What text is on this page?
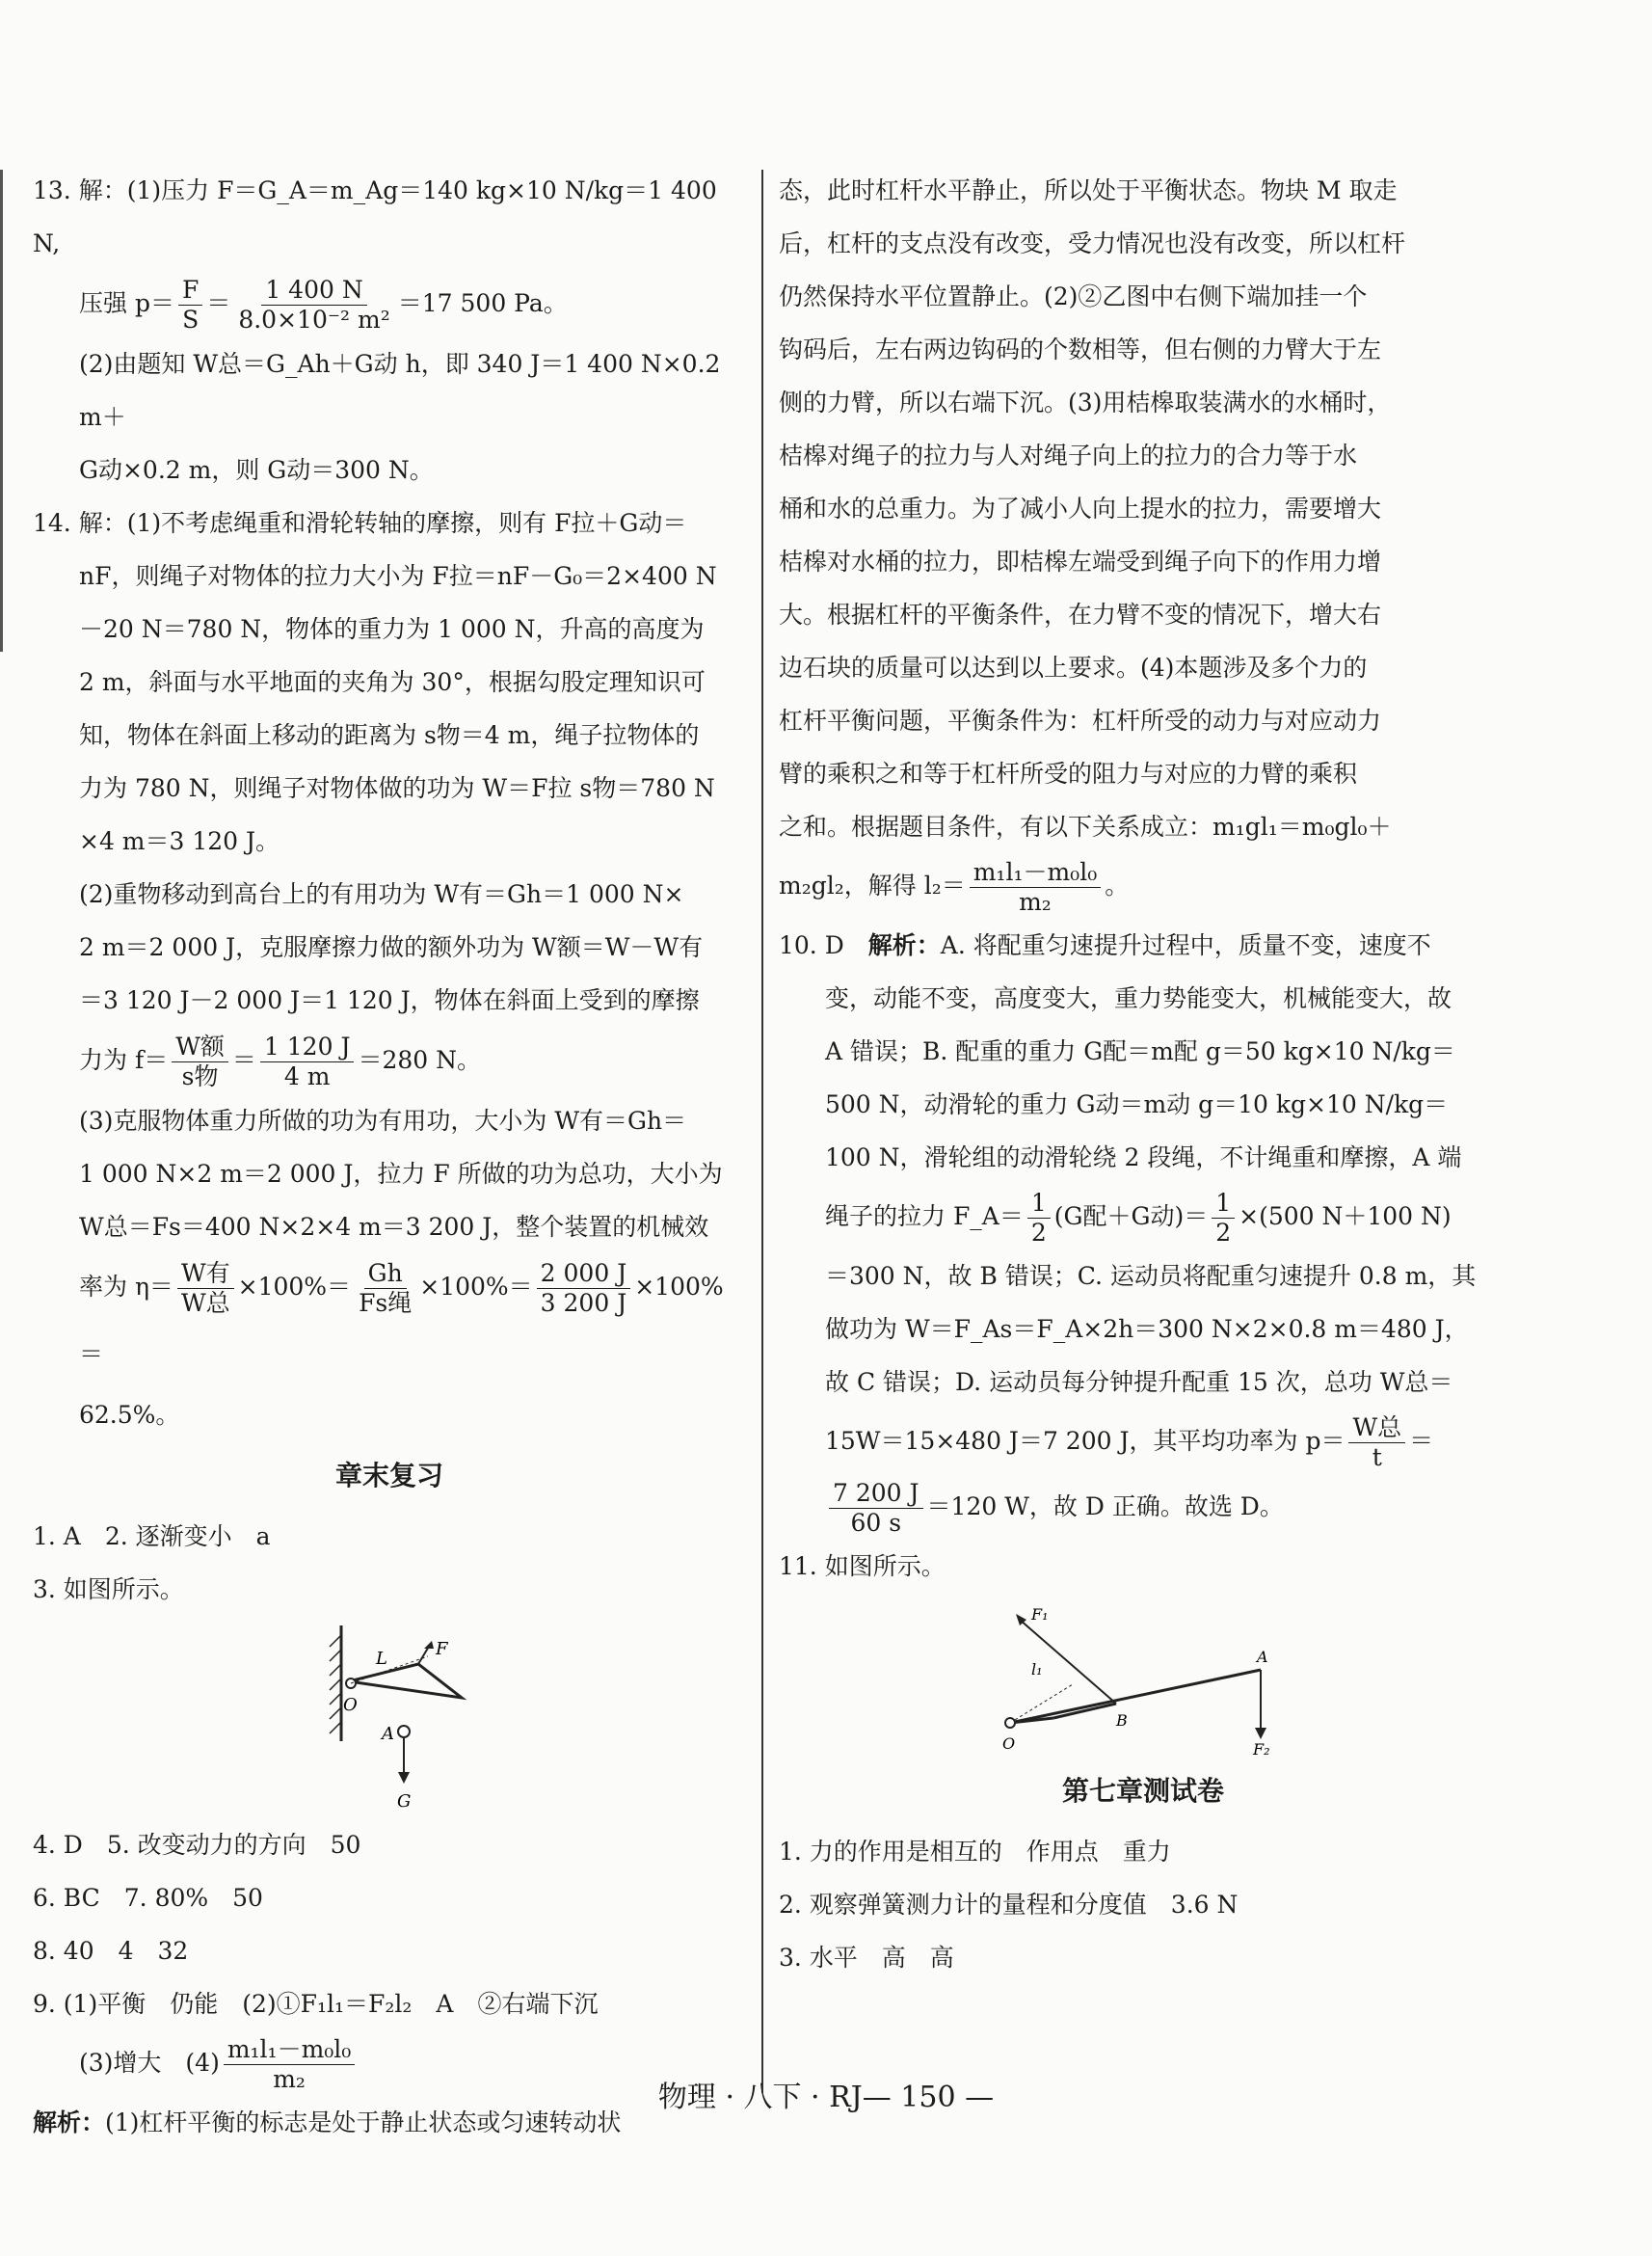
13. 解：(1)压力 F＝G_A＝m_Ag＝140 kg×10 N/kg＝1 400 N,

压强 $p= \frac{F}{S} = \frac{1 400 N}{\text{8.0×10⁻² m²}} =17$ 500 Pa。

(2)由题知 W总＝G_Ah＋G动 h，即 340 J＝1 400 N×0.2 m＋

G动×0.2 m，则 G动＝300 N。

14. 解：(1)不考虑绳重和滑轮转轴的摩擦，则有 F拉＋G动＝

nF，则绳子对物体的拉力大小为 F拉＝nF－G₀＝2×400 N

－20 N＝780 N，物体的重力为 1 000 N，升高的高度为

2 m，斜面与水平地面的夹角为 30°，根据勾股定理知识可

知，物体在斜面上移动的距离为 s物＝4 m，绳子拉物体的

力为 780 N，则绳子对物体做的功为 W＝F拉 s物＝780 N

×4 m＝3 120 J。

(2)重物移动到高台上的有用功为 W有＝Gh＝1 000 N×

2 m＝2 000 J，克服摩擦力做的额外功为 W额＝W－W有

＝3 120 J－2 000 J＝1 120 J，物体在斜面上受到的摩擦

力为 $f= \frac{\text{W额}}{\text{s物}} = \frac{1 120 J}{4 m} =280$ N。

(3)克服物体重力所做的功为有用功，大小为 W有＝Gh＝

1 000 N×2 m＝2 000 J，拉力 F 所做的功为总功，大小为

W总＝Fs＝400 N×2×4 m＝3 200 J，整个装置的机械效

率为 $\eta= \frac{\text{W有}}{\text{W总}} \times 100\%= \frac{Gh}{\text{Fs绳}} \times 100\%= \frac{2 000 J}{3 200 J} \times 100\%=$

62.5%。

章末复习

1. A　2. 逐渐变小　a

3. 如图所示。

L	F
O
A
G

4. D　5. 改变动力的方向　50

6. BC　7. 80%　50

8. 40　4　32

9. (1)平衡　仍能　(2)①F₁l₁＝F₂l₂　A　②右端下沉

(3)增大　$(4) \frac{\text{m₁l₁－m₀l₀}}{\text{m₂}}$

解析：(1)杠杆平衡的标志是处于静止状态或匀速转动状

态，此时杠杆水平静止，所以处于平衡状态。物块 M 取走

后，杠杆的支点没有改变，受力情况也没有改变，所以杠杆

仍然保持水平位置静止。(2)②乙图中右侧下端加挂一个

钩码后，左右两边钩码的个数相等，但右侧的力臂大于左

侧的力臂，所以右端下沉。(3)用桔槔取装满水的水桶时，

桔槔对绳子的拉力与人对绳子向上的拉力的合力等于水

桶和水的总重力。为了减小人向上提水的拉力，需要增大

桔槔对水桶的拉力，即桔槔左端受到绳子向下的作用力增

大。根据杠杆的平衡条件，在力臂不变的情况下，增大右

边石块的质量可以达到以上要求。(4)本题涉及多个力的

杠杆平衡问题，平衡条件为：杠杆所受的动力与对应动力

臂的乘积之和等于杠杆所受的阻力与对应的力臂的乘积

之和。根据题目条件，有以下关系成立：m₁gl₁＝m₀gl₀＋

m₂gl₂，解得 $l_2= \frac{\text{m₁l₁－m₀l₀}}{\text{m₂}}$ 。

10. D　解析：A. 将配重匀速提升过程中，质量不变，速度不

变，动能不变，高度变大，重力势能变大，机械能变大，故

A 错误；B. 配重的重力 G配＝m配 g＝50 kg×10 N/kg＝

500 N，动滑轮的重力 G动＝m动 g＝10 kg×10 N/kg＝

100 N，滑轮组的动滑轮绕 2 段绳，不计绳重和摩擦，A 端

绳子的拉力 F_A＝ $\frac{1}{2} (G$配＋G动)＝ $\frac{1}{2} \times(500$ N＋100 N)

＝300 N，故 B 错误；C. 运动员将配重匀速提升 0.8 m，其

做功为 W＝F_As＝F_A×2h＝300 N×2×0.8 m＝480 J，

故 C 错误；D. 运动员每分钟提升配重 15 次，总功 W总＝

15W＝15×480 J＝7 200 J，其平均功率为 $p= \frac{\text{W总}}{t}$ ＝

$\frac{7 200 J}{60 s} =120$ W，故 D 正确。故选 D。

11. 如图所示。

F₁
l₁
B
A
O	F₂

第七章测试卷

1. 力的作用是相互的　作用点　重力

2. 观察弹簧测力计的量程和分度值　3.6 N

3. 水平　高　高

物理 · 八下 · RJ— 150 —
